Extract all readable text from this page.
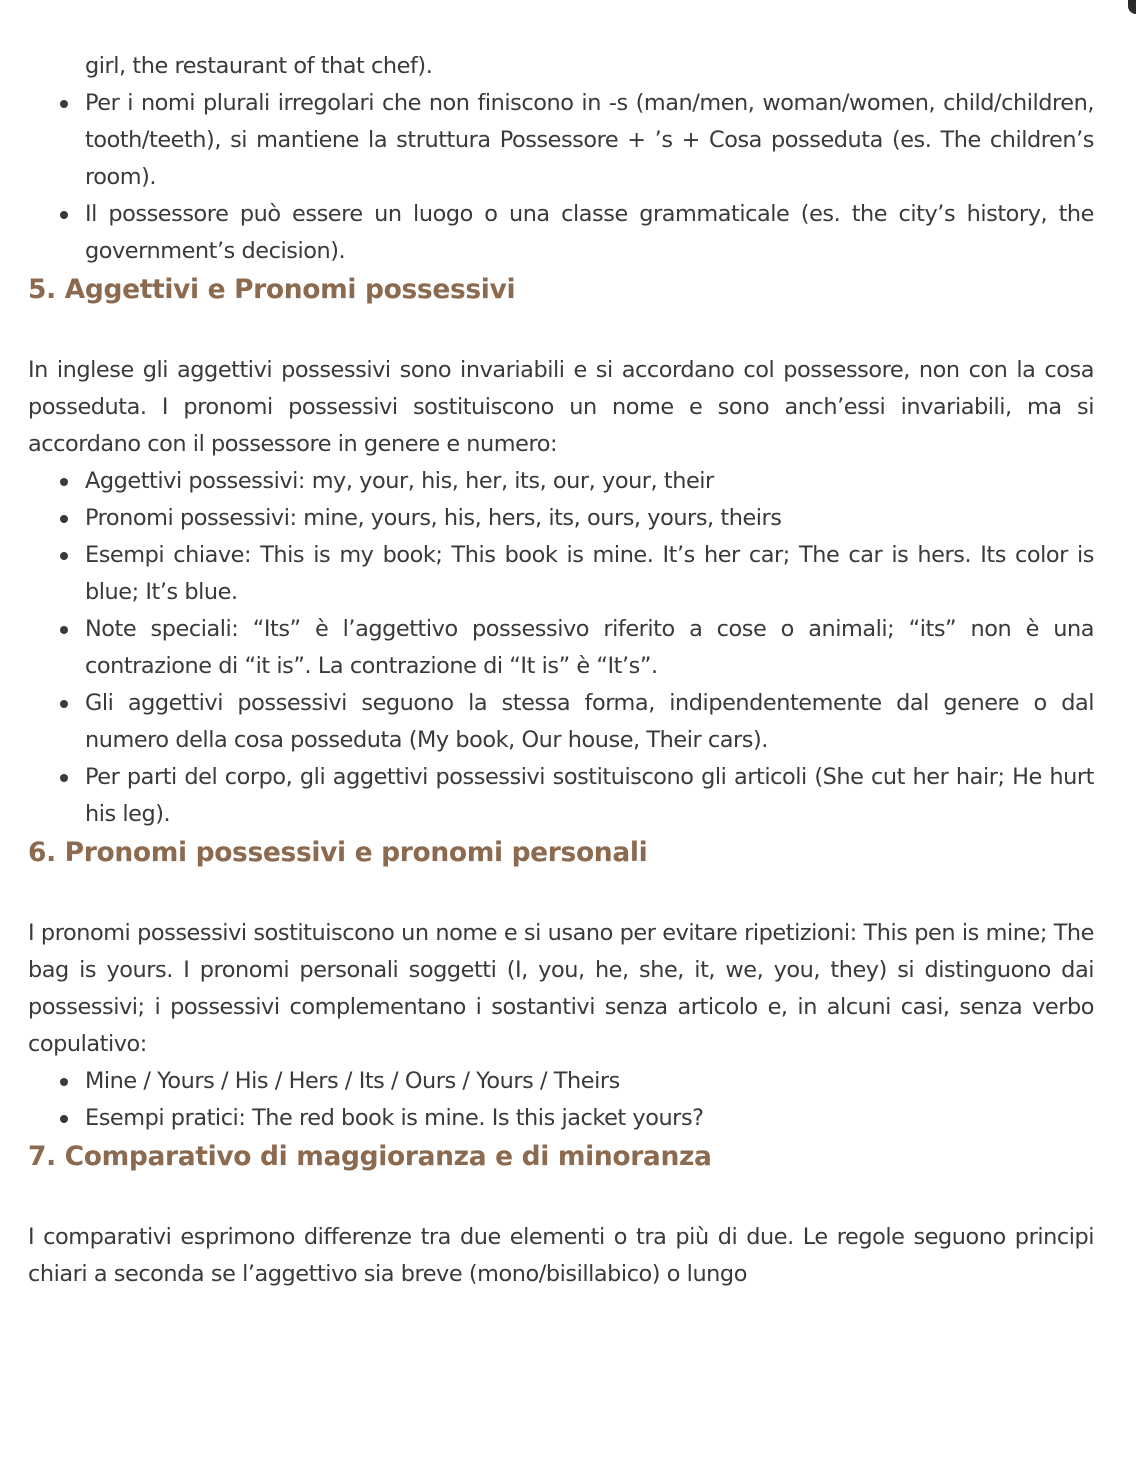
girl, the restaurant of that chef).

Per i nomi plurali irregolari che non finiscono in -s (man/men, woman/women, child/children, tooth/teeth), si mantiene la struttura Possessore + ’s + Cosa posseduta (es. The children’s room).
Il possessore può essere un luogo o una classe grammaticale (es. the city’s history, the government’s decision).
5. Aggettivi e Pronomi possessivi

In inglese gli aggettivi possessivi sono invariabili e si accordano col possessore, non con la cosa posseduta. I pronomi possessivi sostituiscono un nome e sono anch’essi invariabili, ma si accordano con il possessore in genere e numero:

Aggettivi possessivi: my, your, his, her, its, our, your, their
Pronomi possessivi: mine, yours, his, hers, its, ours, yours, theirs
Esempi chiave: This is my book; This book is mine. It’s her car; The car is hers. Its color is blue; It’s blue.
Note speciali: “Its” è l’aggettivo possessivo riferito a cose o animali; “its” non è una contrazione di “it is”. La contrazione di “It is” è “It’s”.
Gli aggettivi possessivi seguono la stessa forma, indipendentemente dal genere o dal numero della cosa posseduta (My book, Our house, Their cars).
Per parti del corpo, gli aggettivi possessivi sostituiscono gli articoli (She cut her hair; He hurt his leg).
6. Pronomi possessivi e pronomi personali

I pronomi possessivi sostituiscono un nome e si usano per evitare ripetizioni: This pen is mine; The bag is yours. I pronomi personali soggetti (I, you, he, she, it, we, you, they) si distinguono dai possessivi; i possessivi complementano i sostantivi senza articolo e, in alcuni casi, senza verbo copulativo:

Mine / Yours / His / Hers / Its / Ours / Yours / Theirs
Esempi pratici: The red book is mine. Is this jacket yours?
7. Comparativo di maggioranza e di minoranza

I comparativi esprimono differenze tra due elementi o tra più di due. Le regole seguono principi chiari a seconda se l’aggettivo sia breve (mono/bisillabico) o lungo
